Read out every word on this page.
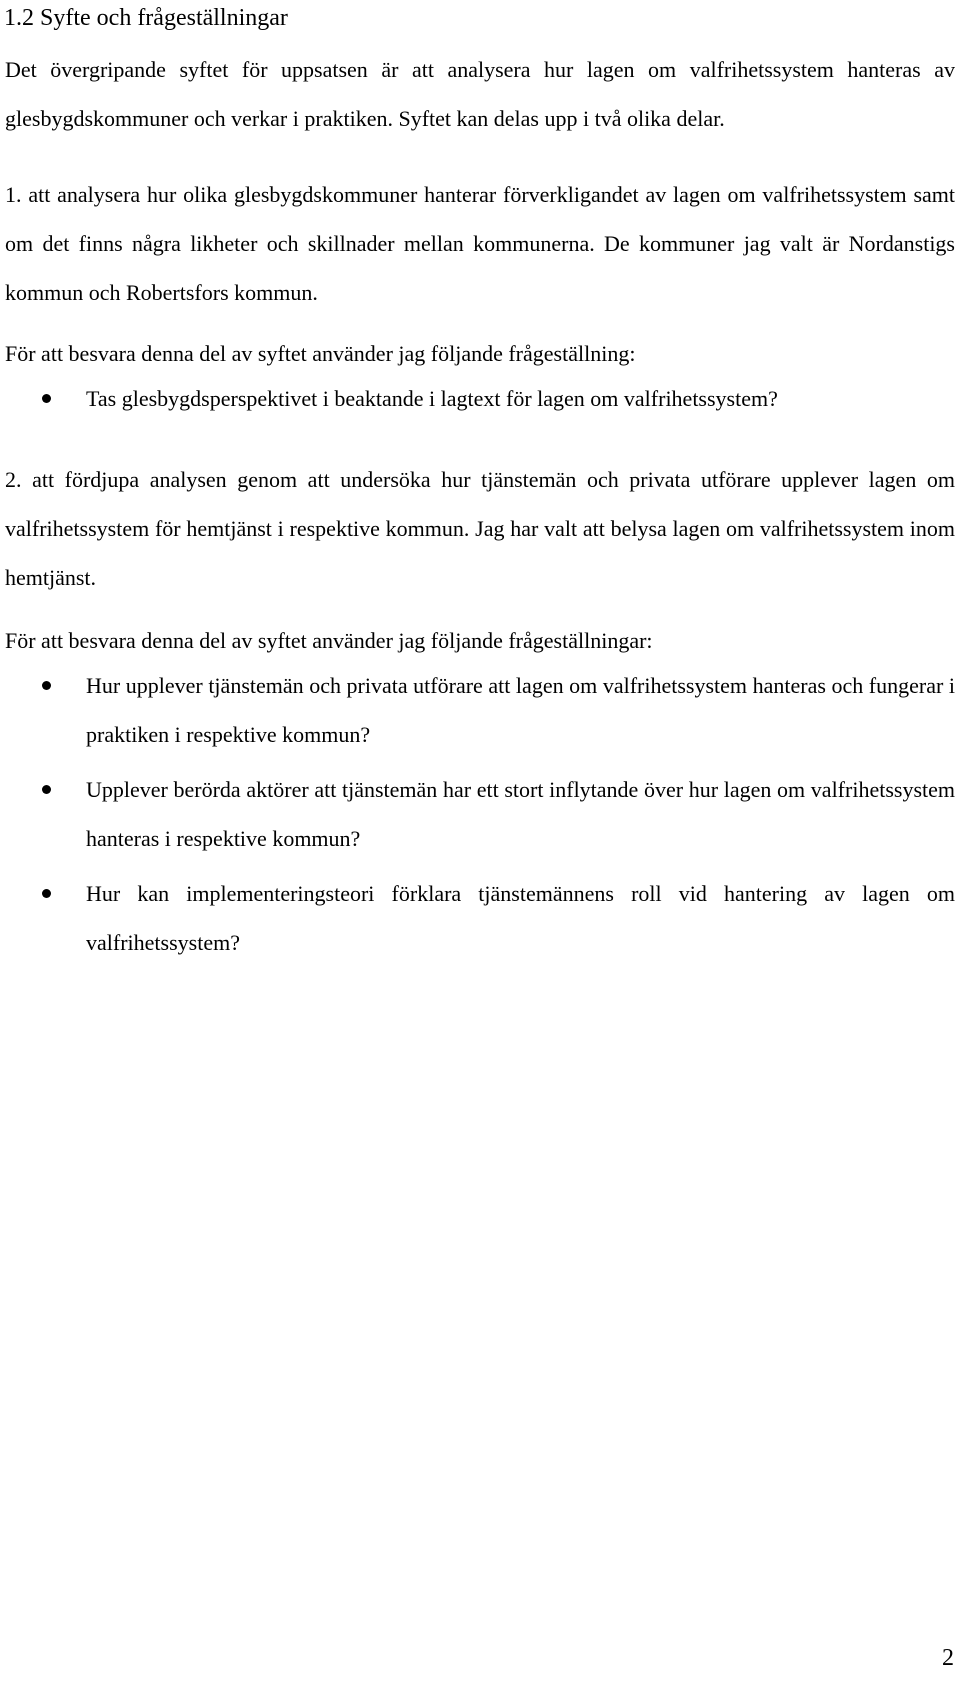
1.2 Syfte och frågeställningar

Det övergripande syftet för uppsatsen är att analysera hur lagen om valfrihetssystem hanteras av glesbygdskommuner och verkar i praktiken. Syftet kan delas upp i två olika delar.

1. att analysera hur olika glesbygdskommuner hanterar förverkligandet av lagen om valfrihetssystem samt om det finns några likheter och skillnader mellan kommunerna. De kommuner jag valt är Nordanstigs kommun och Robertsfors kommun.

För att besvara denna del av syftet använder jag följande frågeställning:

Tas glesbygdsperspektivet i beaktande i lagtext för lagen om valfrihetssystem?

2. att fördjupa analysen genom att undersöka hur tjänstemän och privata utförare upplever lagen om valfrihetssystem för hemtjänst i respektive kommun. Jag har valt att belysa lagen om valfrihetssystem inom hemtjänst.

För att besvara denna del av syftet använder jag följande frågeställningar:

Hur upplever tjänstemän och privata utförare att lagen om valfrihetssystem hanteras och fungerar i praktiken i respektive kommun?
Upplever berörda aktörer att tjänstemän har ett stort inflytande över hur lagen om valfrihetssystem hanteras i respektive kommun?
Hur kan implementeringsteori förklara tjänstemännens roll vid hantering av lagen om valfrihetssystem?
2
